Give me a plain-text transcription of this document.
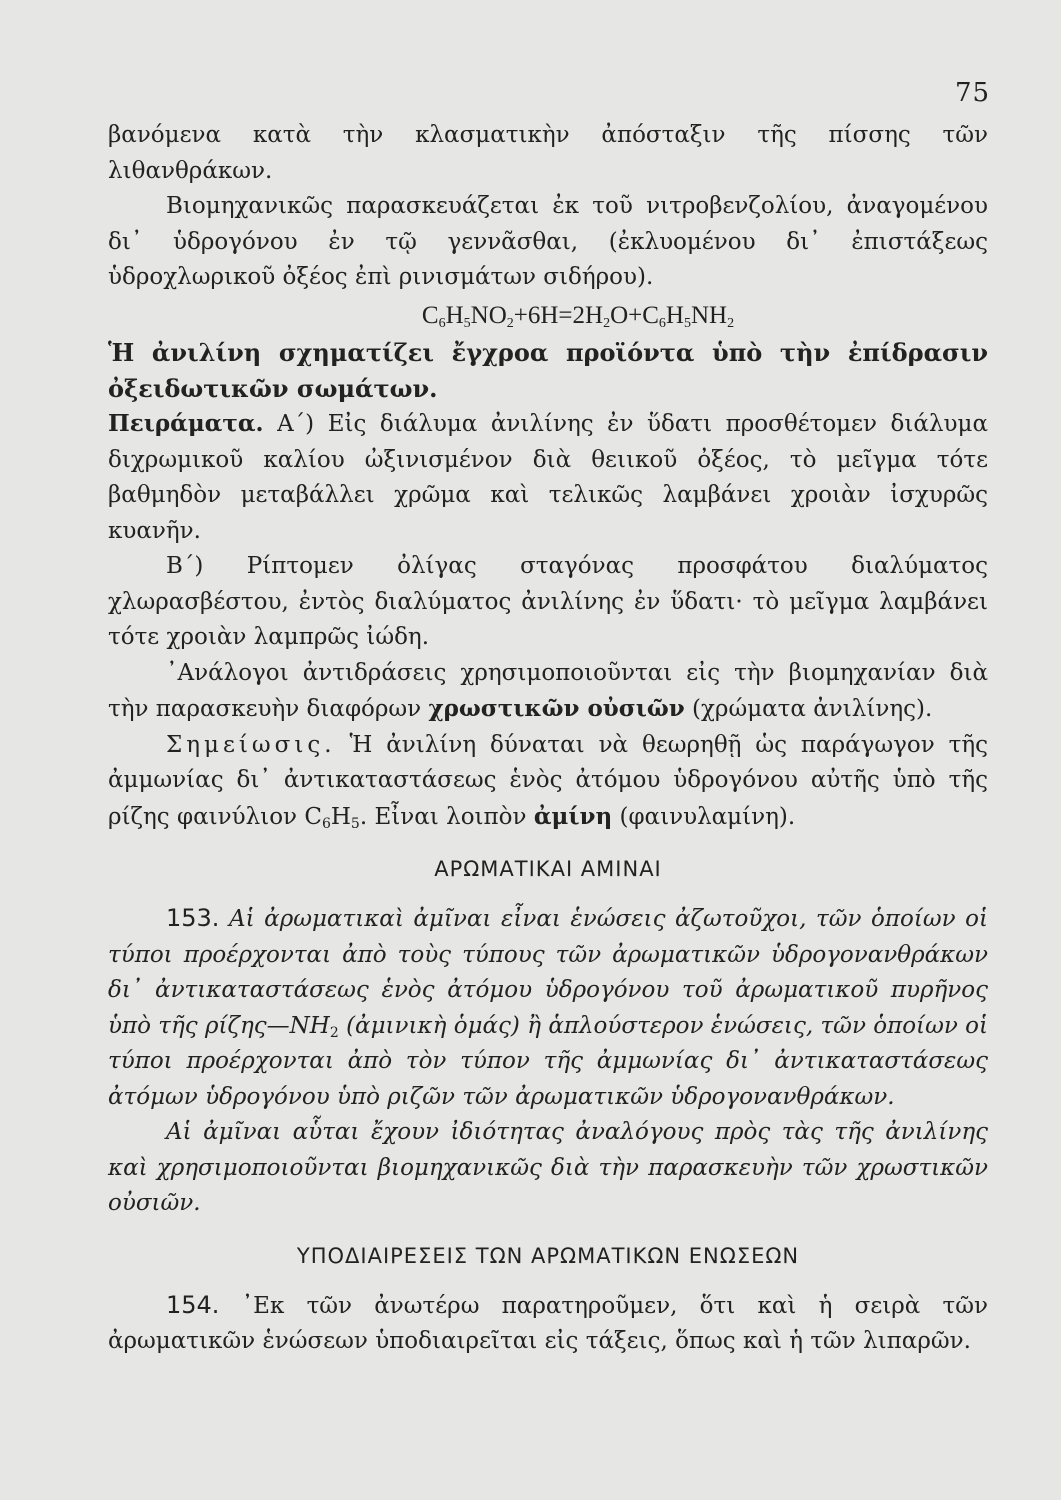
75

βανόμενα κατὰ τὴν κλασματικὴν ἀπόσταξιν τῆς πίσσης τῶν λιθανθράκων.

Βιομηχανικῶς παρασκευάζεται ἐκ τοῦ νιτροβενζολίου, ἀναγομένου δι᾽ ὑδρογόνου ἐν τῷ γεννᾶσθαι, (ἐκλυομένου δι᾽ ἐπιστάξεως ὑδροχλωρικοῦ ὀξέος ἐπὶ ρινισμάτων σιδήρου).

$C_6H_5NO_2+6H=2H_2O+C_6H_5NH_2$

Ἡ ἀνιλίνη σχηματίζει ἔγχροα προϊόντα ὑπὸ τὴν ἐπίδρασιν ὀξειδωτικῶν σωμάτων.

Πειράματα. Α´) Εἰς διάλυμα ἀνιλίνης ἐν ὕδατι προσθέτομεν διάλυμα διχρωμικοῦ καλίου ὠξινισμένον διὰ θειικοῦ ὀξέος, τὸ μεῖγμα τότε βαθμηδὸν μεταβάλλει χρῶμα καὶ τελικῶς λαμβάνει χροιὰν ἰσχυρῶς κυανῆν.

Β´) Ρίπτομεν ὀλίγας σταγόνας προσφάτου διαλύματος χλωρασβέστου, ἐντὸς διαλύματος ἀνιλίνης ἐν ὕδατι· τὸ μεῖγμα λαμβάνει τότε χροιὰν λαμπρῶς ἰώδη.

᾽Ανάλογοι ἀντιδράσεις χρησιμοποιοῦνται εἰς τὴν βιομηχανίαν διὰ τὴν παρασκευὴν διαφόρων χρωστικῶν οὐσιῶν (χρώματα ἀνιλίνης).

Σημείωσις. Ἡ ἀνιλίνη δύναται νὰ θεωρηθῇ ὡς παράγωγον τῆς ἀμμωνίας δι᾽ ἀντικαταστάσεως ἑνὸς ἀτόμου ὑδρογόνου αὐτῆς ὑπὸ τῆς ρίζης φαινύλιον $C_6H_5$. Εἶναι λοιπὸν ἀμίνη (φαινυλαμίνη).

ΑΡΩΜΑΤΙΚΑΙ ΑΜΙΝΑΙ

153. Αἱ ἀρωματικαὶ ἀμῖναι εἶναι ἑνώσεις ἀζωτοῦχοι, τῶν ὁποίων οἱ τύποι προέρχονται ἀπὸ τοὺς τύπους τῶν ἀρωματικῶν ὑδρογονανθράκων δι᾽ ἀντικαταστάσεως ἑνὸς ἀτόμου ὑδρογόνου τοῦ ἀρωματικοῦ πυρῆνος ὑπὸ τῆς $\rho ί\zeta\eta\varsigma—NH_2$ (ἀμινικὴ ὁμάς) ἢ ἁπλούστερον ἑνώσεις, τῶν ὁποίων οἱ τύποι προέρχονται ἀπὸ τὸν τύπον τῆς ἀμμωνίας δι᾽ ἀντικαταστάσεως ἀτόμων ὑδρογόνου ὑπὸ ριζῶν τῶν ἀρωματικῶν ὑδρογονανθράκων.

Αἱ ἀμῖναι αὗται ἔχουν ἰδιότητας ἀναλόγους πρὸς τὰς τῆς ἀνιλίνης καὶ χρησιμοποιοῦνται βιομηχανικῶς διὰ τὴν παρασκευὴν τῶν χρωστικῶν οὐσιῶν.

ΥΠΟΔΙΑΙΡΕΣΕΙΣ ΤΩΝ ΑΡΩΜΑΤΙΚΩΝ ΕΝΩΣΕΩΝ

154. ᾽Εκ τῶν ἀνωτέρω παρατηροῦμεν, ὅτι καὶ ἡ σειρὰ τῶν ἀρωματικῶν ἑνώσεων ὑποδιαιρεῖται εἰς τάξεις, ὅπως καὶ ἡ τῶν λιπαρῶν.
